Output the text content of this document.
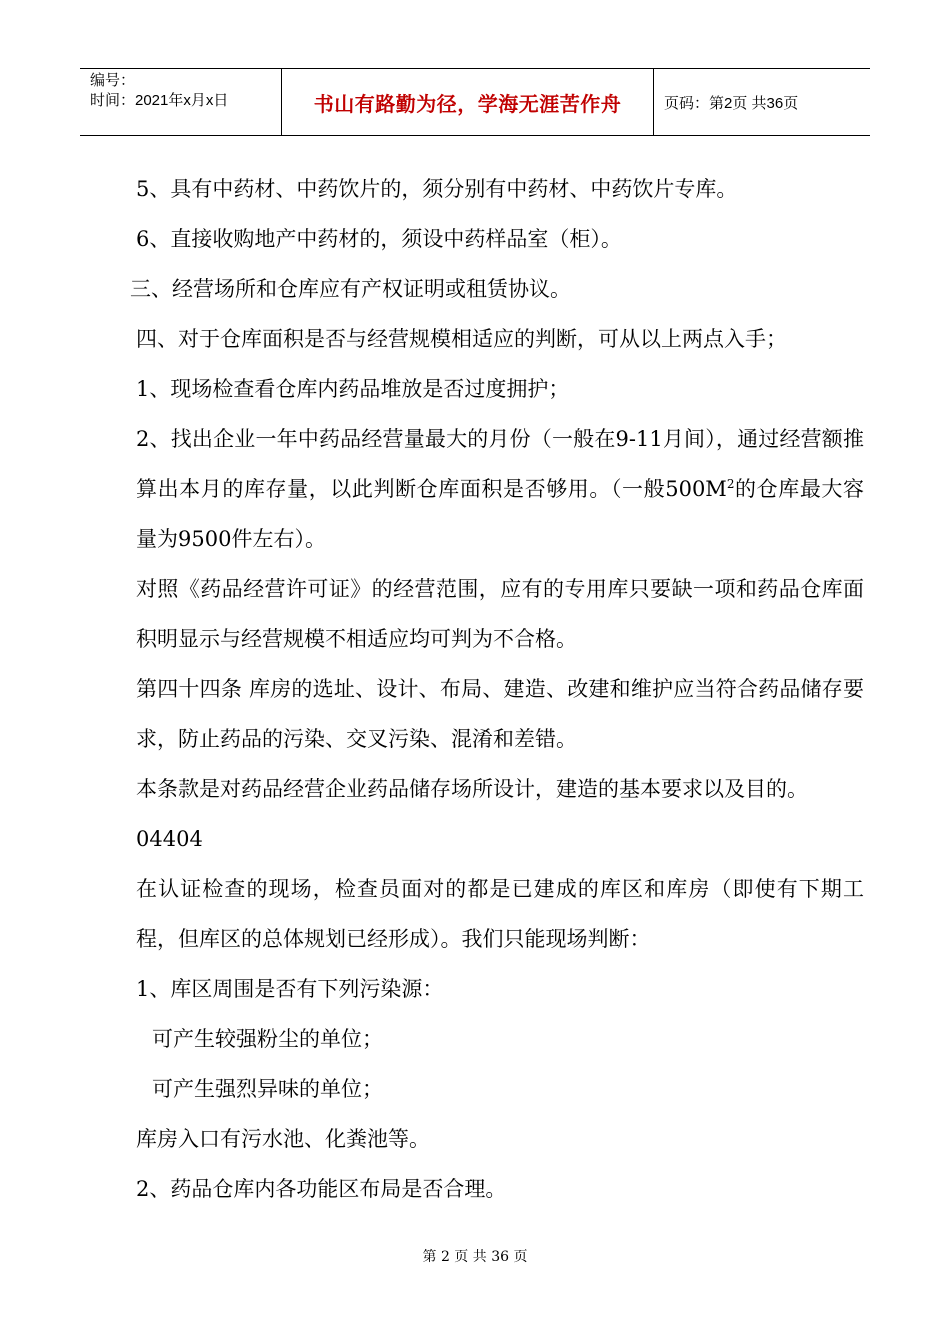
编号：
时间：2021年x月x日	书山有路勤为径，学海无涯苦作舟	页码：第2页 共36页

5、具有中药材、中药饮片的，须分别有中药材、中药饮片专库。

6、直接收购地产中药材的，须设中药样品室（柜）。

三、经营场所和仓库应有产权证明或租赁协议。

四、对于仓库面积是否与经营规模相适应的判断，可从以上两点入手；

1、现场检查看仓库内药品堆放是否过度拥护；

2、找出企业一年中药品经营量最大的月份（一般在9-11月间），通过经营额推算出本月的库存量，以此判断仓库面积是否够用。（一般$500M^2$的仓库最大容量为9500件左右）。

对照《药品经营许可证》的经营范围，应有的专用库只要缺一项和药品仓库面积明显示与经营规模不相适应均可判为不合格。

第四十四条 库房的选址、设计、布局、建造、改建和维护应当符合药品储存要求，防止药品的污染、交叉污染、混淆和差错。

本条款是对药品经营企业药品储存场所设计，建造的基本要求以及目的。

04404

在认证检查的现场，检查员面对的都是已建成的库区和库房（即使有下期工程，但库区的总体规划已经形成）。我们只能现场判断：

1、库区周围是否有下列污染源：

可产生较强粉尘的单位；

可产生强烈异味的单位；

库房入口有污水池、化粪池等。

2、药品仓库内各功能区布局是否合理。

第 2 页 共 36 页
